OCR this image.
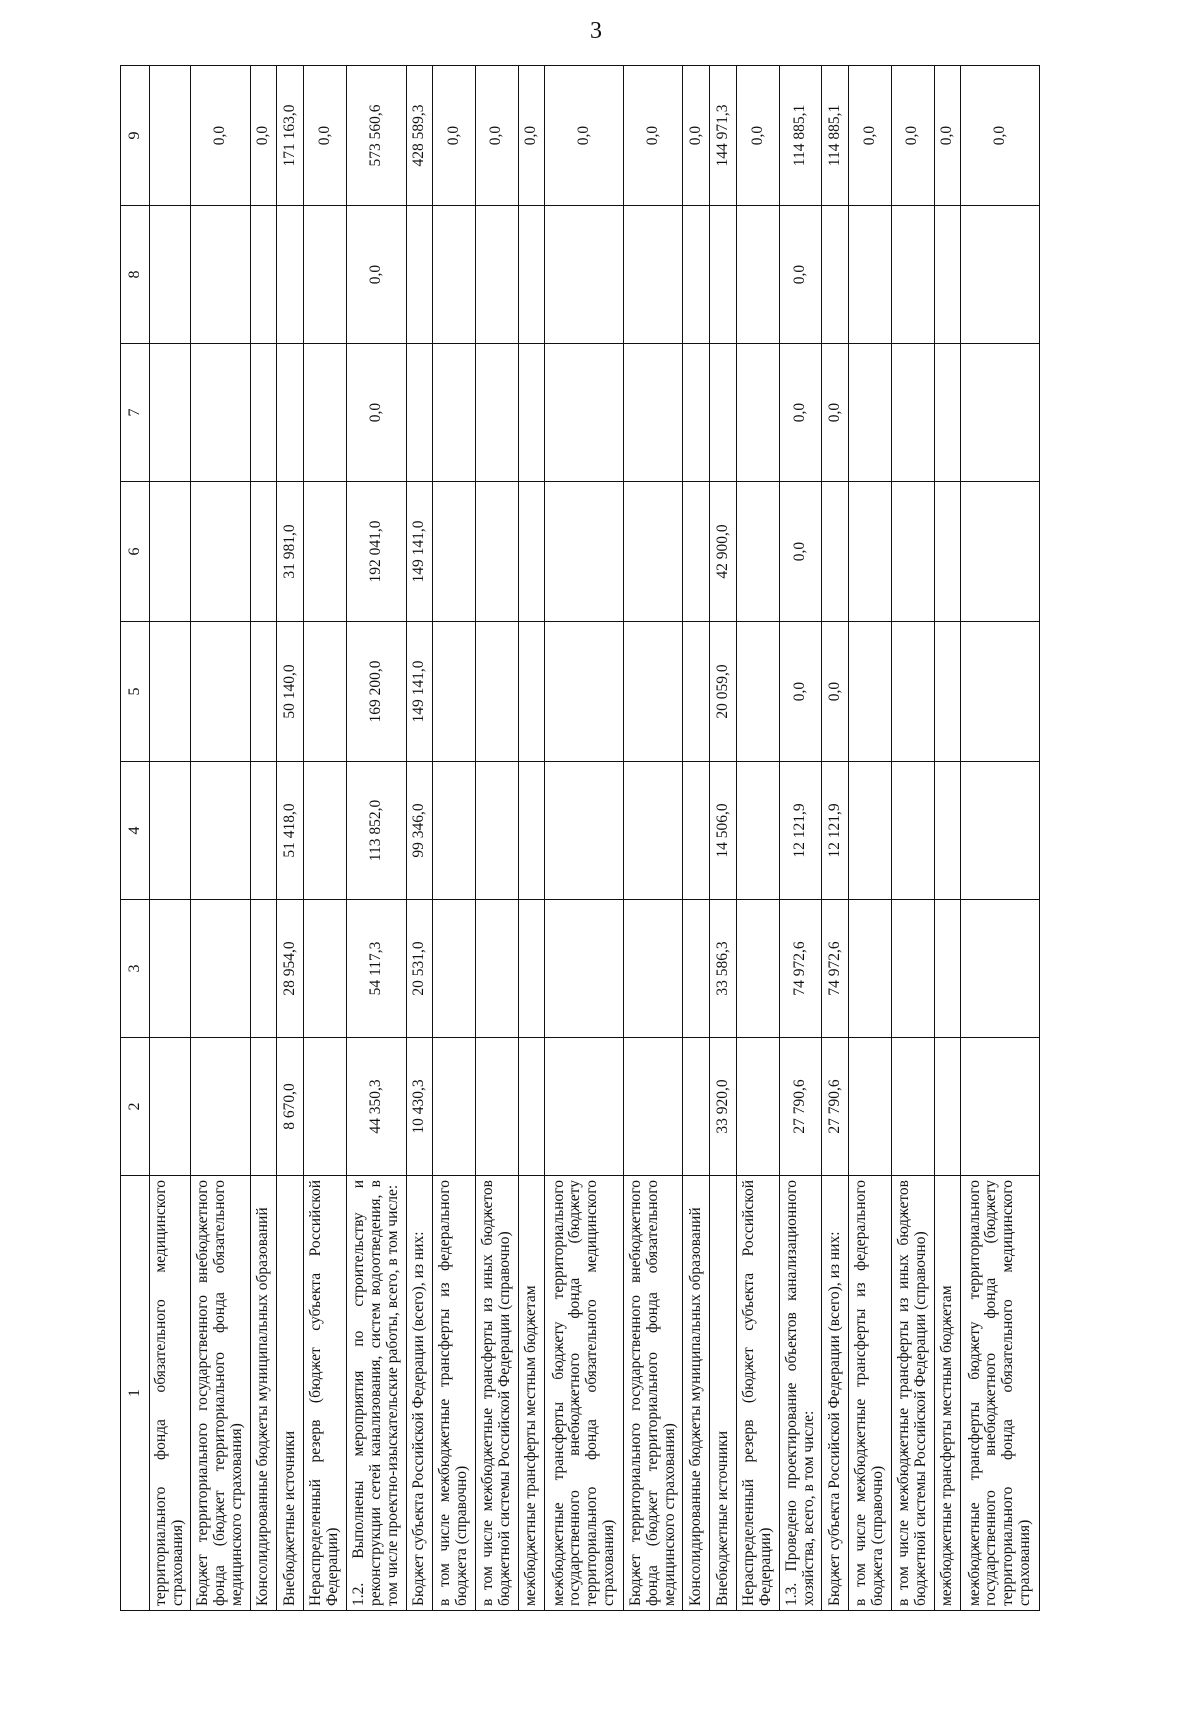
3
1	2	3	4	5	6	7	8	9
территориального фонда обязательного медицинского страхования)								
Бюджет территориального государственного внебюджетного фонда (бюджет территориального фонда обязательного медицинского страхования)								0,0
Консолидированные бюджеты муниципальных образований								0,0
Внебюджетные источники	8 670,0	28 954,0	51 418,0	50 140,0	31 981,0			171 163,0
Нераспределенный резерв (бюджет субъекта Российской Федерации)								0,0
1.2. Выполнены мероприятия по строительству и реконструкции сетей канализования, систем водоотведения, в том числе проектно-изыскательские работы, всего, в том числе:	44 350,3	54 117,3	113 852,0	169 200,0	192 041,0	0,0	0,0	573 560,6
Бюджет субъекта Российской Федерации (всего), из них:	10 430,3	20 531,0	99 346,0	149 141,0	149 141,0			428 589,3
в том числе межбюджетные трансферты из федерального бюджета (справочно)								0,0
в том числе межбюджетные трансферты из иных бюджетов бюджетной системы Российской Федерации (справочно)								0,0
межбюджетные трансферты местным бюджетам								0,0
межбюджетные трансферты бюджету территориального государственного внебюджетного фонда (бюджету территориального фонда обязательного медицинского страхования)								0,0
Бюджет территориального государственного внебюджетного фонда (бюджет территориального фонда обязательного медицинского страхования)								0,0
Консолидированные бюджеты муниципальных образований								0,0
Внебюджетные источники	33 920,0	33 586,3	14 506,0	20 059,0	42 900,0			144 971,3
Нераспределенный резерв (бюджет субъекта Российской Федерации)								0,0
1.3. Проведено проектирование объектов канализационного хозяйства, всего, в том числе:	27 790,6	74 972,6	12 121,9	0,0	0,0	0,0	0,0	114 885,1
Бюджет субъекта Российской Федерации (всего), из них:	27 790,6	74 972,6	12 121,9	0,0		0,0		114 885,1
в том числе межбюджетные трансферты из федерального бюджета (справочно)								0,0
в том числе межбюджетные трансферты из иных бюджетов бюджетной системы Российской Федерации (справочно)								0,0
межбюджетные трансферты местным бюджетам								0,0
межбюджетные трансферты бюджету территориального государственного внебюджетного фонда (бюджету территориального фонда обязательного медицинского страхования)								0,0
